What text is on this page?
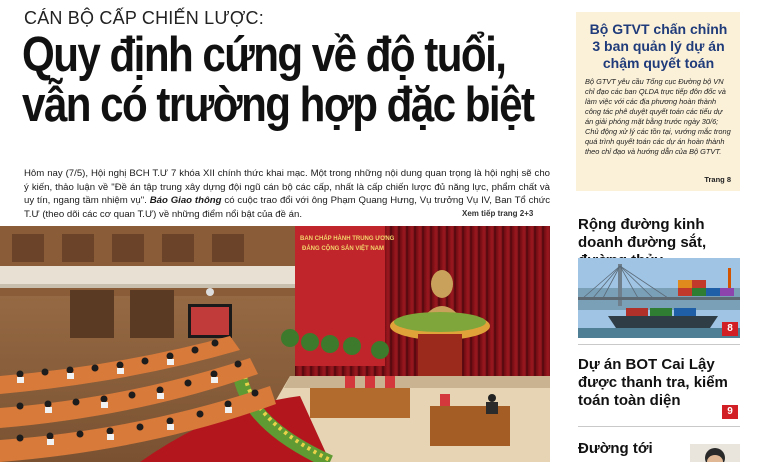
CÁN BỘ CẤP CHIẾN LƯỢC:
Quy định cứng về độ tuổi,
vẫn có trường hợp đặc biệt

Hôm nay (7/5), Hội nghị BCH T.Ư 7 khóa XII chính thức khai mạc. Một trong những nội dung quan trọng là hội nghị sẽ cho ý kiến, thảo luận về "Đề án tập trung xây dựng đội ngũ cán bộ các cấp, nhất là cấp chiến lược đủ năng lực, phẩm chất và uy tín, ngang tầm nhiệm vụ". Báo Giao thông có cuộc trao đổi với ông Phạm Quang Hưng, Vụ trưởng Vụ IV, Ban Tổ chức T.Ư (theo dõi các cơ quan T.Ư) về những điểm nổi bật của đề án.	Xem tiếp trang 2+3
BAN CHẤP HÀNH TRUNG ƯƠNG
ĐẢNG CỘNG SẢN VIỆT NAM
Bộ GTVT chấn chỉnh 3 ban quản lý dự án chậm quyết toán
Bộ GTVT yêu cầu Tổng cục Đường bộ VN chỉ đạo các ban QLDA trực tiếp đôn đốc và làm việc với các địa phương hoàn thành công tác phê duyệt quyết toán các tiểu dự án giải phóng mặt bằng trước ngày 30/6; Chủ động xử lý các tồn tại, vướng mắc trong quá trình quyết toán các dự án hoàn thành theo chỉ đạo và hướng dẫn của Bộ GTVT.
Trang 8
Rộng đường kinh doanh đường sắt,
8
Dự án BOT Cai Lậy được thanh tra, kiểm toán toàn diện
9
Đường tới
